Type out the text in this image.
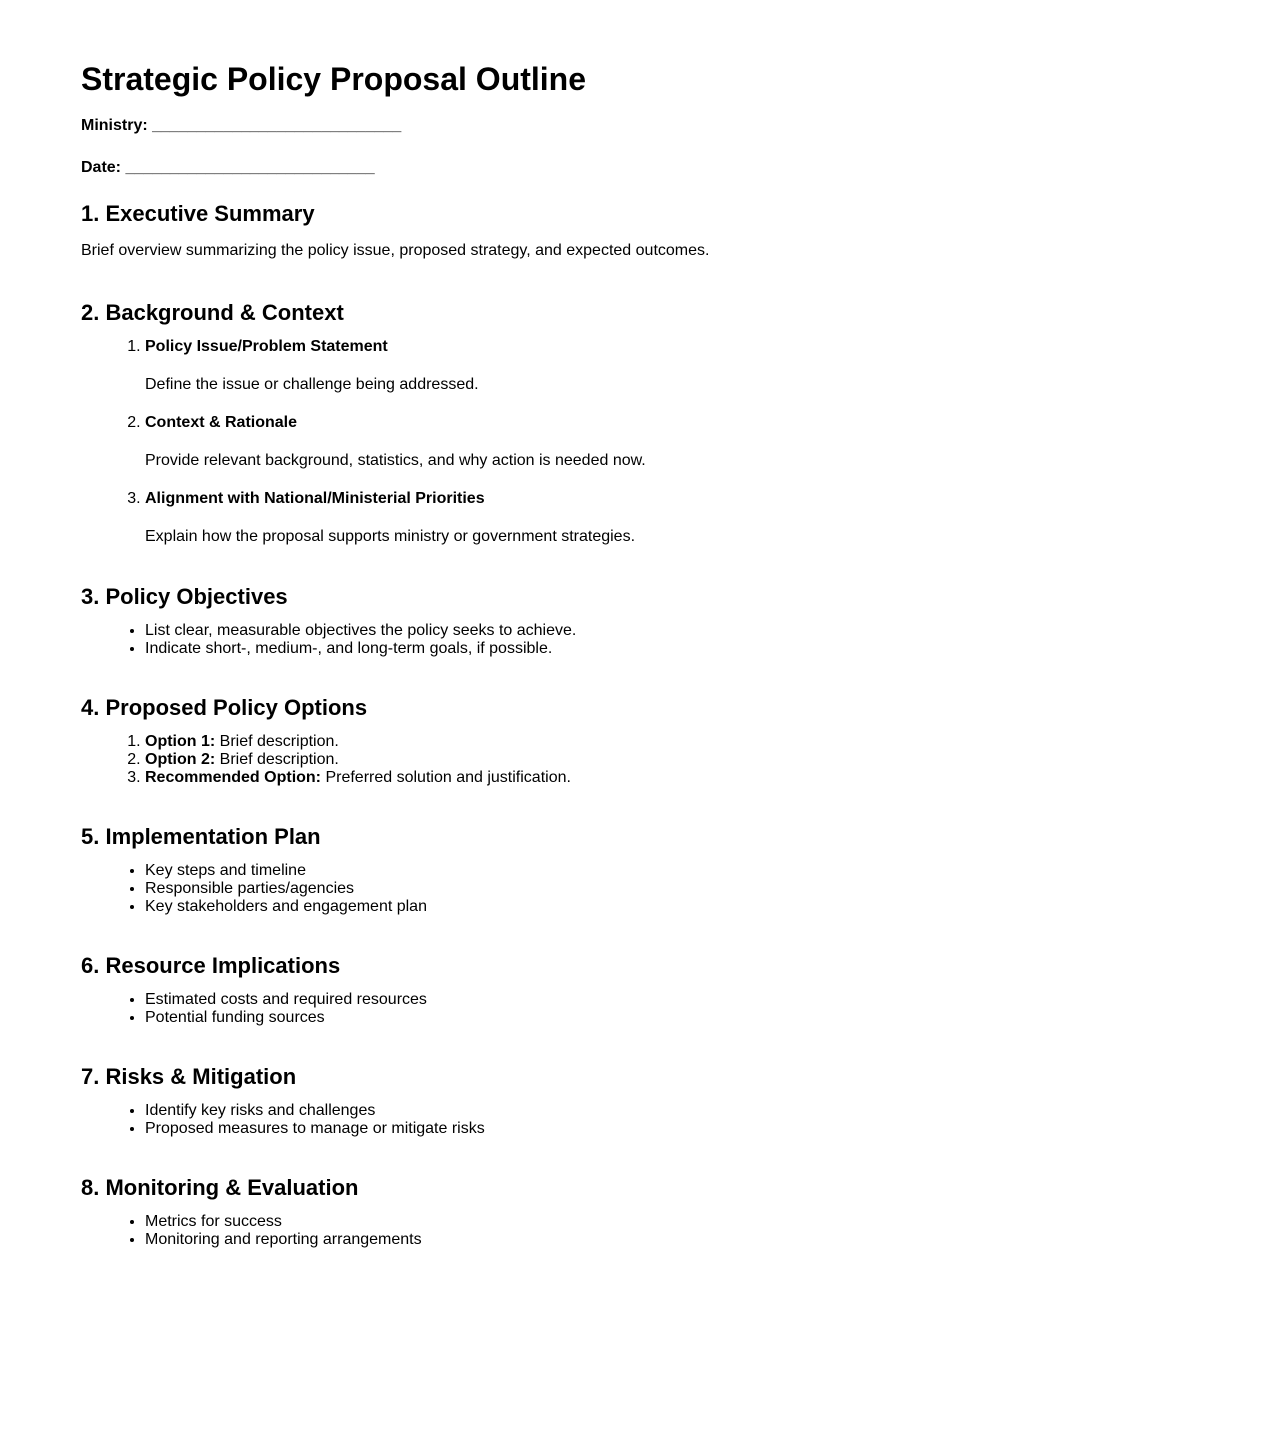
Strategic Policy Proposal Outline

Ministry: ____________________________

Date: ____________________________

1. Executive Summary

Brief overview summarizing the policy issue, proposed strategy, and expected outcomes.

2. Background & Context
1. Policy Issue/Problem Statement
Define the issue or challenge being addressed.
2. Context & Rationale
Provide relevant background, statistics, and why action is needed now.
3. Alignment with National/Ministerial Priorities
Explain how the proposal supports ministry or government strategies.
3. Policy Objectives
• List clear, measurable objectives the policy seeks to achieve.
• Indicate short-, medium-, and long-term goals, if possible.
4. Proposed Policy Options
1. Option 1: Brief description.
2. Option 2: Brief description.
3. Recommended Option: Preferred solution and justification.
5. Implementation Plan
• Key steps and timeline
• Responsible parties/agencies
• Key stakeholders and engagement plan
6. Resource Implications
• Estimated costs and required resources
• Potential funding sources
7. Risks & Mitigation
• Identify key risks and challenges
• Proposed measures to manage or mitigate risks
8. Monitoring & Evaluation
• Metrics for success
• Monitoring and reporting arrangements
